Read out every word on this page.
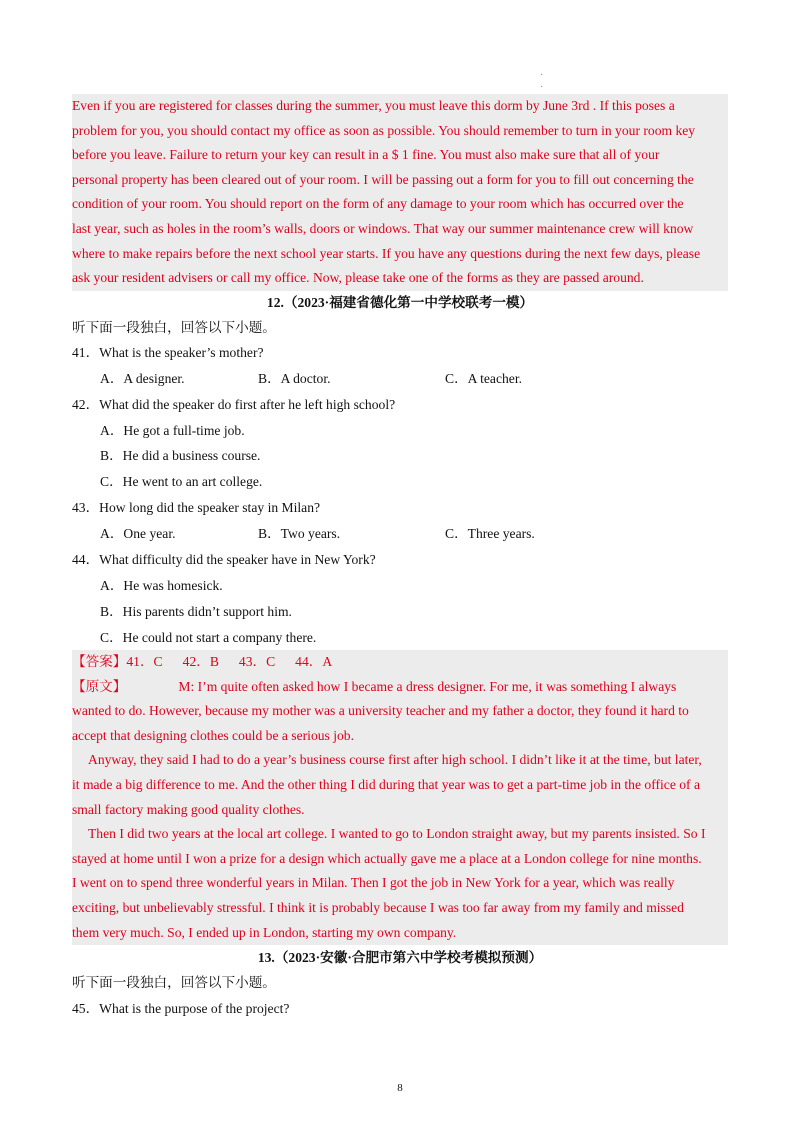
·
·

Even if you are registered for classes during the summer, you must leave this dorm by June 3rd . If this poses a

problem for you, you should contact my office as soon as possible. You should remember to turn in your room key

before you leave. Failure to return your key can result in a $ 1 fine. You must also make sure that all of your

personal property has been cleared out of your room. I will be passing out a form for you to fill out concerning the

condition of your room. You should report on the form of any damage to your room which has occurred over the

last year, such as holes in the room’s walls, doors or windows. That way our summer maintenance crew will know

where to make repairs before the next school year starts. If you have any questions during the next few days, please

ask your resident advisers or call my office. Now, please take one of the forms as they are passed around.

12.（2023·福建省德化第一中学校联考一模）
听下面一段独白，回答以下小题。
41．What is the speaker’s mother?
A．A designer.	B．A doctor.	C．A teacher.
42．What did the speaker do first after he left high school?
A．He got a full-time job.
B．He did a business course.
C．He went to an art college.
43．How long did the speaker stay in Milan?
A．One year.	B．Two years.	C．Three years.
44．What difficulty did the speaker have in New York?
A．He was homesick.
B．His parents didn’t support him.
C．He could not start a company there.

【答案】41．C 42．B 43．C 44．A

【原文】	M: I’m quite often asked how I became a dress designer. For me, it was something I always

wanted to do. However, because my mother was a university teacher and my father a doctor, they found it hard to

accept that designing clothes could be a serious job.

Anyway, they said I had to do a year’s business course first after high school. I didn’t like it at the time, but later,

it made a big difference to me. And the other thing I did during that year was to get a part-time job in the office of a

small factory making good quality clothes.

Then I did two years at the local art college. I wanted to go to London straight away, but my parents insisted. So I

stayed at home until I won a prize for a design which actually gave me a place at a London college for nine months.

I went on to spend three wonderful years in Milan. Then I got the job in New York for a year, which was really

exciting, but unbelievably stressful. I think it is probably because I was too far away from my family and missed

them very much. So, I ended up in London, starting my own company.

13.（2023·安徽·合肥市第六中学校考模拟预测）
听下面一段独白，回答以下小题。
45．What is the purpose of the project?
8
